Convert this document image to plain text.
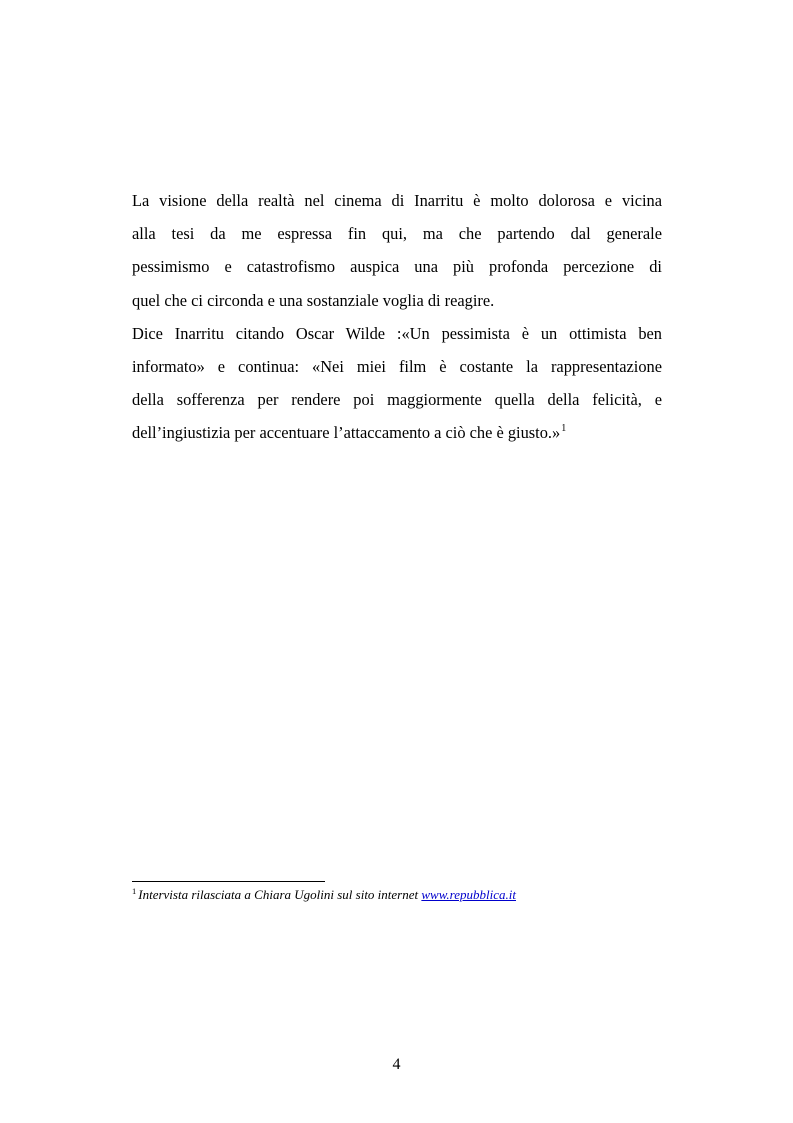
La visione della realtà nel cinema di Inarritu è molto dolorosa e vicina
alla tesi da me espressa fin qui, ma che partendo dal generale
pessimismo e catastrofismo auspica una più profonda percezione di
quel che ci circonda e una sostanziale voglia di reagire.
Dice Inarritu citando Oscar Wilde :«Un pessimista è un ottimista ben
informato» e continua: «Nei miei film è costante la rappresentazione
della sofferenza per rendere poi maggiormente quella della felicità, e
dell’ingiustizia per accentuare l’attaccamento a ciò che è giusto.»$^1$
$^1$ Intervista rilasciata a Chiara Ugolini sul sito internet www.repubblica.it
4
